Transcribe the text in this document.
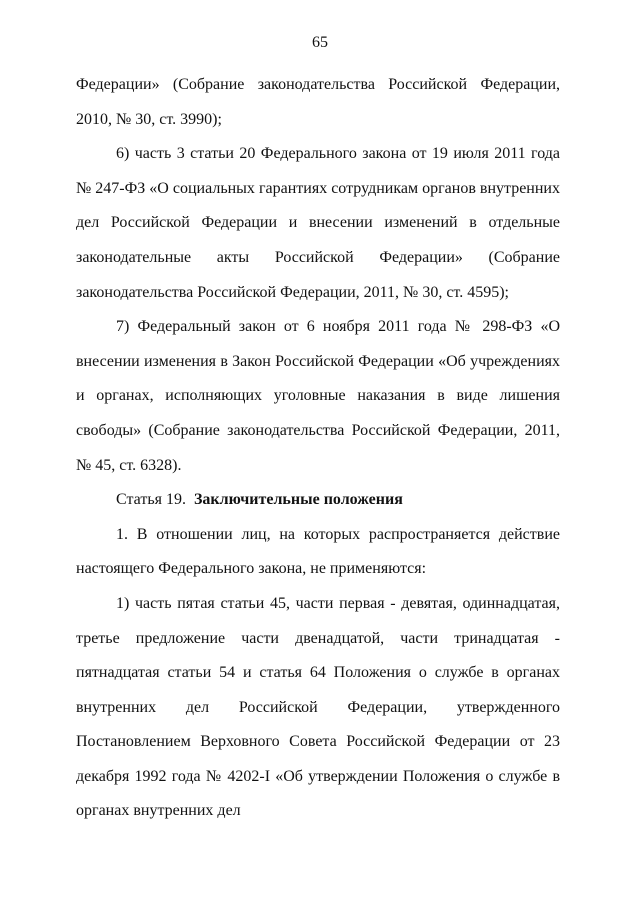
65

Федерации» (Собрание законодательства Российской Федерации, 2010, № 30, ст. 3990);

6) часть 3 статьи 20 Федерального закона от 19 июля 2011 года № 247-ФЗ «О социальных гарантиях сотрудникам органов внутренних дел Российской Федерации и внесении изменений в отдельные законодательные акты Российской Федерации» (Собрание законодательства Российской Федерации, 2011, № 30, ст. 4595);

7) Федеральный закон от 6 ноября 2011 года № 298-ФЗ «О внесении изменения в Закон Российской Федерации «Об учреждениях и органах, исполняющих уголовные наказания в виде лишения свободы» (Собрание законодательства Российской Федерации, 2011, № 45, ст. 6328).

Статья 19. Заключительные положения

1. В отношении лиц, на которых распространяется действие настоящего Федерального закона, не применяются:

1) часть пятая статьи 45, части первая - девятая, одиннадцатая, третье предложение части двенадцатой, части тринадцатая - пятнадцатая статьи 54 и статья 64 Положения о службе в органах внутренних дел Российской Федерации, утвержденного Постановлением Верховного Совета Российской Федерации от 23 декабря 1992 года № 4202-I «Об утверждении Положения о службе в органах внутренних дел
